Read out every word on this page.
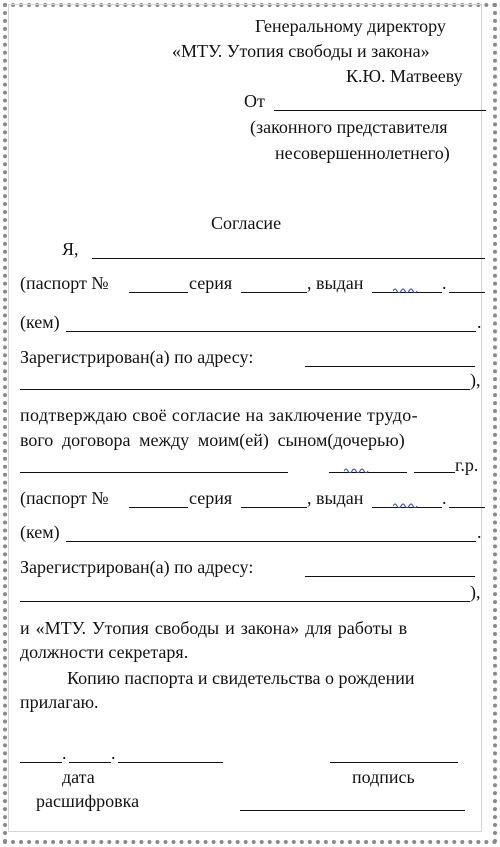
Генеральному директору
«МТУ. Утопия свободы и закона»
К.Ю. Матвееву
От
(законного представителя
несовершеннолетнего)
Согласие
Я,
(паспорт №	серия	, выдан	.
(кем)	.
Зарегистрирован(а) по адресу:
),
подтверждаю своё согласие на заключение трудо-
вого договора между моим(ей) сыном(дочерью)
г.р.
(паспорт №	серия	, выдан	.
(кем)	.
Зарегистрирован(а) по адресу:
),
и «МТУ. Утопия свободы и закона» для работы в
должности секретаря.
Копию паспорта и свидетельства о рождении
прилагаю.
. .
дата	подпись
расшифровка
